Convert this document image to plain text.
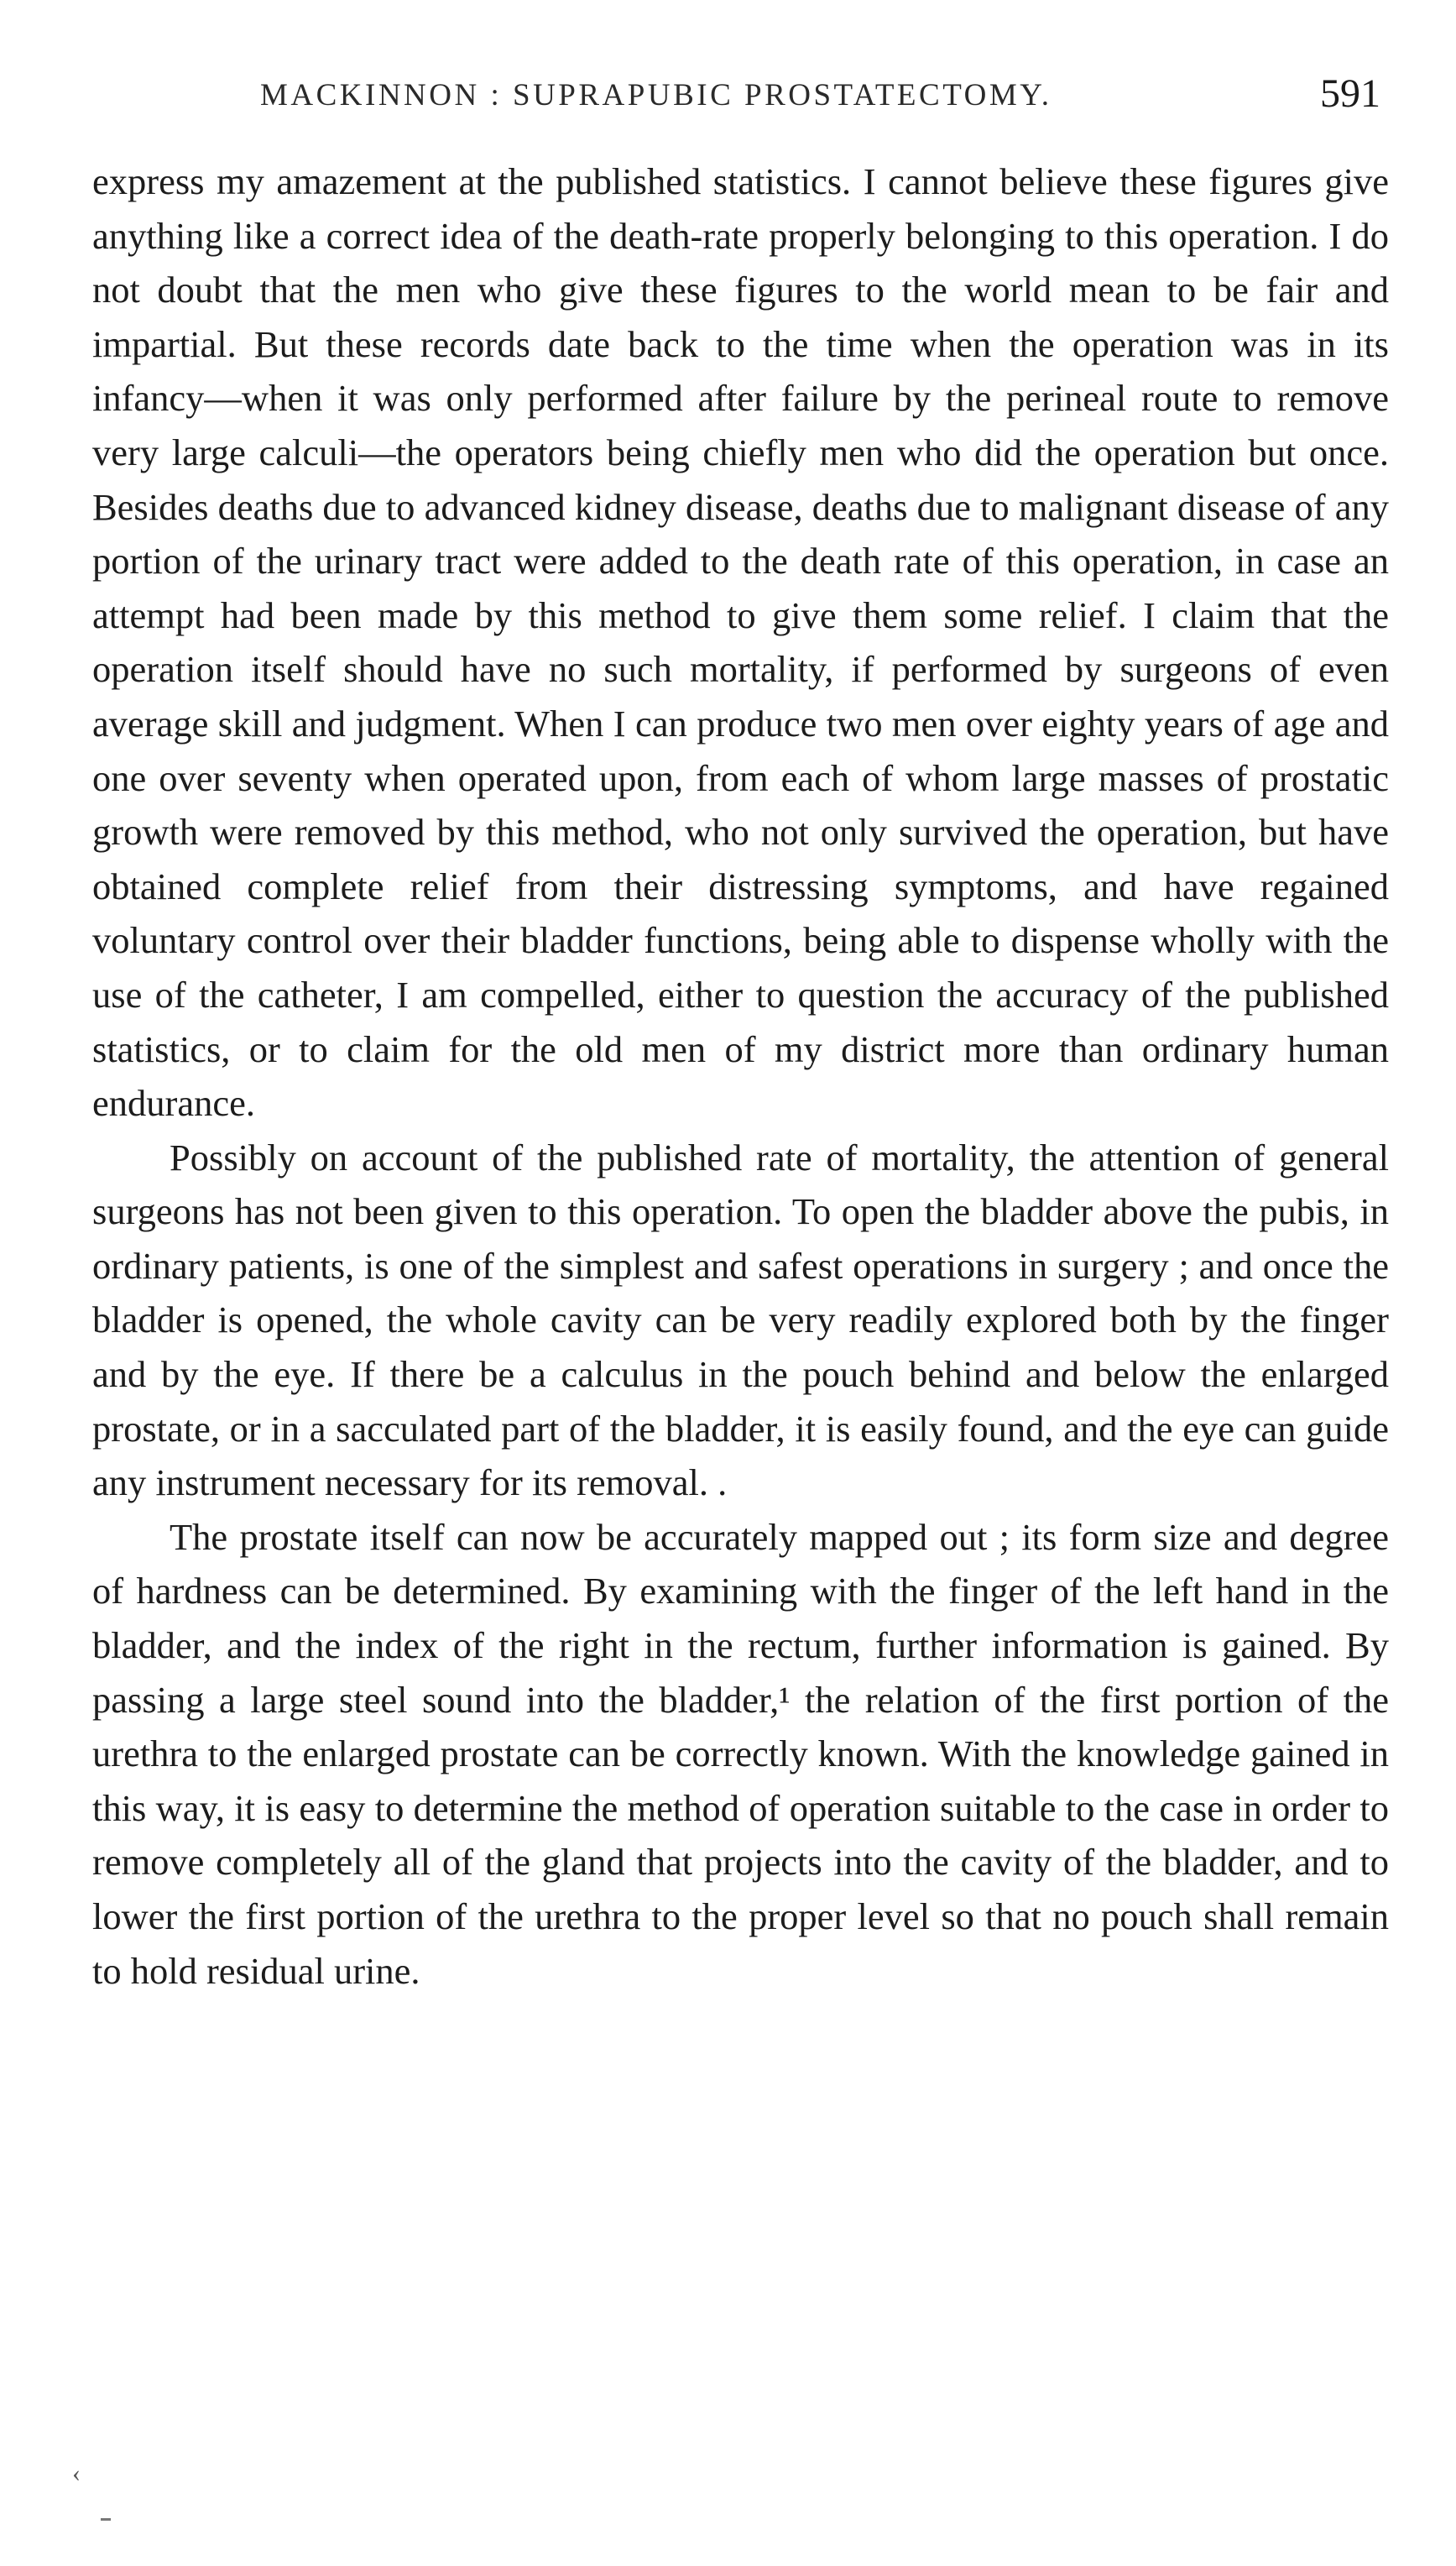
MACKINNON : SUPRAPUBIC PROSTATECTOMY.	591

express my amazement at the published statistics. I cannot believe these figures give anything like a correct idea of the death-rate properly belonging to this operation. I do not doubt that the men who give these figures to the world mean to be fair and impartial. But these records date back to the time when the operation was in its infancy—when it was only performed after failure by the perineal route to remove very large calculi—the operators being chiefly men who did the operation but once. Besides deaths due to advanced kidney disease, deaths due to malignant disease of any portion of the urinary tract were added to the death rate of this operation, in case an attempt had been made by this method to give them some relief. I claim that the operation itself should have no such mortality, if performed by surgeons of even average skill and judgment. When I can produce two men over eighty years of age and one over seventy when operated upon, from each of whom large masses of prostatic growth were removed by this method, who not only survived the operation, but have obtained complete relief from their distressing symptoms, and have regained voluntary control over their bladder functions, being able to dispense wholly with the use of the catheter, I am compelled, either to question the accuracy of the published statistics, or to claim for the old men of my district more than ordinary human endurance.

Possibly on account of the published rate of mortality, the attention of general surgeons has not been given to this operation. To open the bladder above the pubis, in ordinary patients, is one of the simplest and safest operations in surgery ; and once the bladder is opened, the whole cavity can be very readily explored both by the finger and by the eye. If there be a calculus in the pouch behind and below the enlarged prostate, or in a sacculated part of the bladder, it is easily found, and the eye can guide any instrument necessary for its removal. .

The prostate itself can now be accurately mapped out ; its form size and degree of hardness can be determined. By examining with the finger of the left hand in the bladder, and the index of the right in the rectum, further information is gained. By passing a large steel sound into the bladder,¹ the relation of the first portion of the urethra to the enlarged prostate can be correctly known. With the knowledge gained in this way, it is easy to determine the method of operation suitable to the case in order to remove completely all of the gland that projects into the cavity of the bladder, and to lower the first portion of the urethra to the proper level so that no pouch shall remain to hold residual urine.

‹
